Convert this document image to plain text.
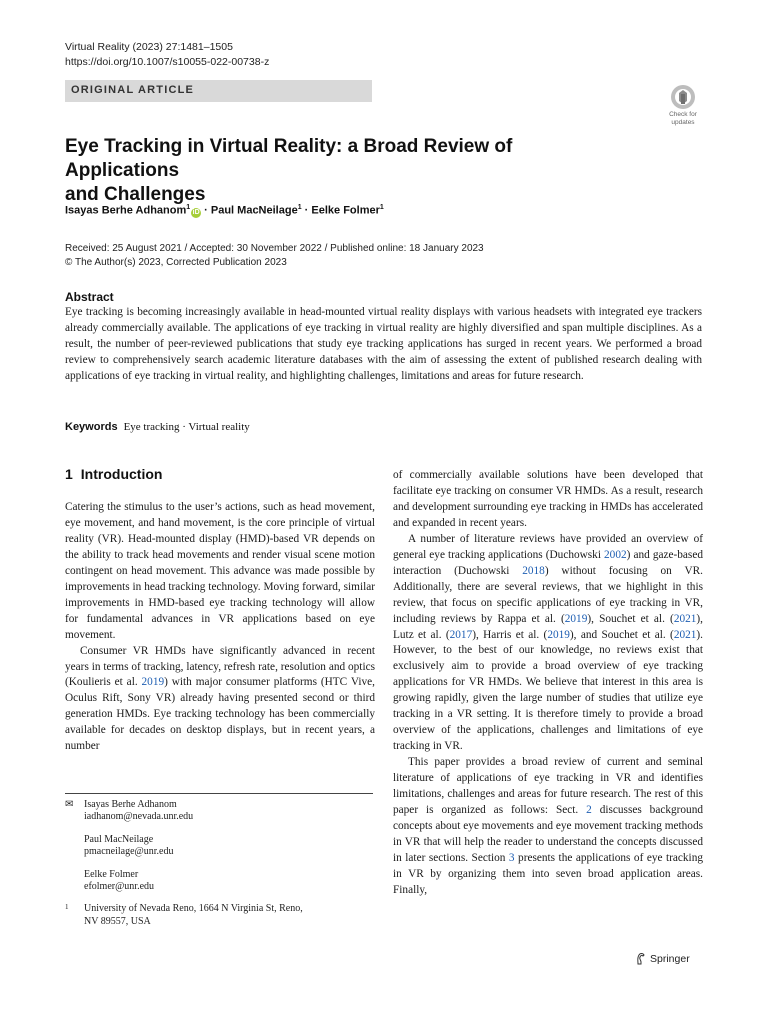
Virtual Reality (2023) 27:1481–1505
https://doi.org/10.1007/s10055-022-00738-z
ORIGINAL ARTICLE
Check for
updates
Eye Tracking in Virtual Reality: a Broad Review of Applications
and Challenges
Isayas Berhe Adhanom$^1$iD · Paul MacNeilage$^1$ · Eelke Folmer$^1$
Received: 25 August 2021 / Accepted: 30 November 2022 / Published online: 18 January 2023
© The Author(s) 2023, Corrected Publication 2023
Abstract
Eye tracking is becoming increasingly available in head-mounted virtual reality displays with various headsets with integrated eye trackers already commercially available. The applications of eye tracking in virtual reality are highly diversified and span multiple disciplines. As a result, the number of peer-reviewed publications that study eye tracking applications has surged in recent years. We performed a broad review to comprehensively search academic literature databases with the aim of assessing the extent of published research dealing with applications of eye tracking in virtual reality, and highlighting challenges, limitations and areas for future research.
Keywords Eye tracking · Virtual reality
1 Introduction

Catering the stimulus to the user’s actions, such as head movement, eye movement, and hand movement, is the core principle of virtual reality (VR). Head-mounted display (HMD)-based VR depends on the ability to track head movements and render visual scene motion contingent on head movement. This advance was made possible by improvements in head tracking technology. Moving forward, similar improvements in HMD-based eye tracking technology will allow for fundamental advances in VR applications based on eye movement.

Consumer VR HMDs have significantly advanced in recent years in terms of tracking, latency, refresh rate, resolution and optics (Koulieris et al. 2019) with major consumer platforms (HTC Vive, Oculus Rift, Sony VR) already having presented second or third generation HMDs. Eye tracking technology has been commercially available for decades on desktop displays, but in recent years, a number

of commercially available solutions have been developed that facilitate eye tracking on consumer VR HMDs. As a result, research and development surrounding eye tracking in HMDs has accelerated and expanded in recent years.

A number of literature reviews have provided an overview of general eye tracking applications (Duchowski 2002) and gaze-based interaction (Duchowski 2018) without focusing on VR. Additionally, there are several reviews, that we highlight in this review, that focus on specific applications of eye tracking in VR, including reviews by Rappa et al. (2019), Souchet et al. (2021), Lutz et al. (2017), Harris et al. (2019), and Souchet et al. (2021). However, to the best of our knowledge, no reviews exist that exclusively aim to provide a broad overview of eye tracking applications for VR HMDs. We believe that interest in this area is growing rapidly, given the large number of studies that utilize eye tracking in a VR setting. It is therefore timely to provide a broad overview of the applications, challenges and limitations of eye tracking in VR.

This paper provides a broad review of current and seminal literature of applications of eye tracking in VR and identifies limitations, challenges and areas for future research. The rest of this paper is organized as follows: Sect. 2 discusses background concepts about eye movements and eye movement tracking methods in VR that will help the reader to understand the concepts discussed in later sections. Section 3 presents the applications of eye tracking in VR by organizing them into seven broad application areas. Finally,

✉ Isayas Berhe Adhanom
iadhanom@nevada.unr.edu
Paul MacNeilage
pmacneilage@unr.edu
Eelke Folmer
efolmer@unr.edu
1 University of Nevada Reno, 1664 N Virginia St, Reno,
NV 89557, USA
Springer
